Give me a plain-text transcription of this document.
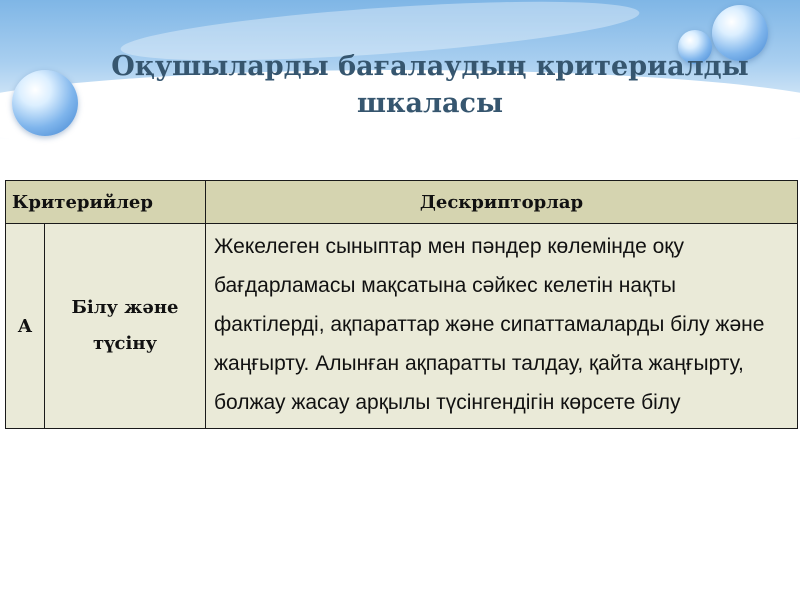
Оқушыларды бағалаудың критериалды шкаласы
Критерийлер		Дескрипторлар
А	Білу және түсіну	Жекелеген сыныптар мен пәндер көлемінде оқу бағдарламасы мақсатына сәйкес келетін нақты фактілерді, ақпараттар және сипаттамаларды білу және жаңғырту. Алынған ақпаратты талдау, қайта жаңғырту, болжау жасау арқылы түсінгендігін көрсете білу
